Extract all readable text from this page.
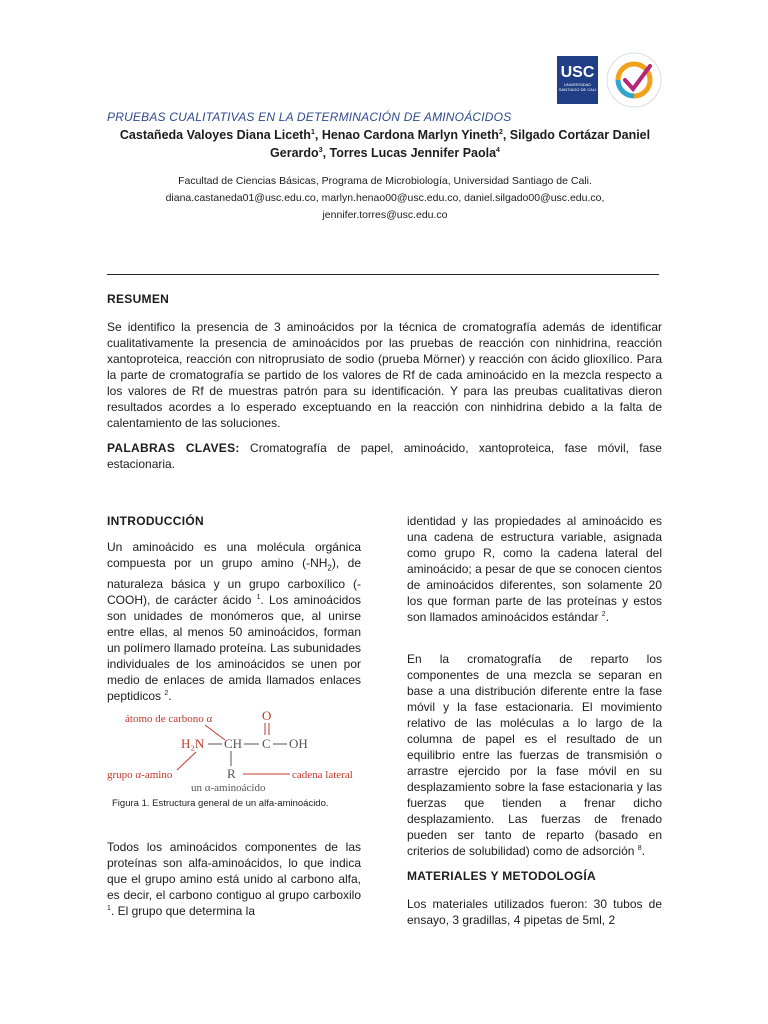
USC
UNIVERSIDAD SANTIAGO DE CALI
PRUEBAS CUALITATIVAS EN LA DETERMINACIÓN DE AMINOÁCIDOS
Castañeda Valoyes Diana Liceth$^1$, Henao Cardona Marlyn Yineth$^2$, Silgado Cortázar Daniel Gerardo$^3$, Torres Lucas Jennifer Paola$^4$
Facultad de Ciencias Básicas, Programa de Microbiología, Universidad Santiago de Cali.
diana.castaneda01@usc.edu.co, marlyn.henao00@usc.edu.co, daniel.silgado00@usc.edu.co,
jennifer.torres@usc.edu.co
RESUMEN
Se identifico la presencia de 3 aminoácidos por la técnica de cromatografía además de identificar cualitativamente la presencia de aminoácidos por las pruebas de reacción con ninhidrina, reacción xantoproteica, reacción con nitroprusiato de sodio (prueba Mörner) y reacción con ácido glioxílico. Para la parte de cromatografía se partido de los valores de Rf de cada aminoácido en la mezcla respecto a los valores de Rf de muestras patrón para su identificación. Y para las preubas cualitativas dieron resultados acordes a lo esperado exceptuando en la reacción con ninhidrina debido a la falta de calentamiento de las soluciones.
PALABRAS CLAVES: Cromatografía de papel, aminoácido, xantoproteica, fase móvil, fase estacionaria.
INTRODUCCIÓN
Un aminoácido es una molécula orgánica compuesta por un grupo amino $(-NH_2)$, de naturaleza básica y un grupo carboxílico (-COOH), de carácter ácido $^1$. Los aminoácidos son unidades de monómeros que, al unirse entre ellas, al menos 50 aminoácidos, forman un polímero llamado proteína. Las subunidades individuales de los aminoácidos se unen por medio de enlaces de amida llamados enlaces peptidicos $^2$.
átomo de carbono α	O
H₂N CH C OH
R
grupo α-amino	cadena lateral
un α-aminoácido
Figura 1. Estructura general de un alfa-aminoácido.
Todos los aminoácidos componentes de las proteínas son alfa-aminoácidos, lo que indica que el grupo amino está unido al carbono alfa, es decir, el carbono contiguo al grupo carboxilo $^1$. El grupo que determina la
identidad y las propiedades al aminoácido es una cadena de estructura variable, asignada como grupo R, como la cadena lateral del aminoácido; a pesar de que se conocen cientos de aminoácidos diferentes, son solamente 20 los que forman parte de las proteínas y estos son llamados aminoácidos estándar $^2$.
En la cromatografía de reparto los componentes de una mezcla se separan en base a una distribución diferente entre la fase móvil y la fase estacionaria. El movimiento relativo de las moléculas a lo largo de la columna de papel es el resultado de un equilibrio entre las fuerzas de transmisión o arrastre ejercido por la fase móvil en su desplazamiento sobre la fase estacionaria y las fuerzas que tienden a frenar dicho desplazamiento. Las fuerzas de frenado pueden ser tanto de reparto (basado en criterios de solubilidad) como de adsorción $^8$.
MATERIALES Y METODOLOGÍA
Los materiales utilizados fueron: 30 tubos de ensayo, 3 gradillas, 4 pipetas de 5ml, 2
